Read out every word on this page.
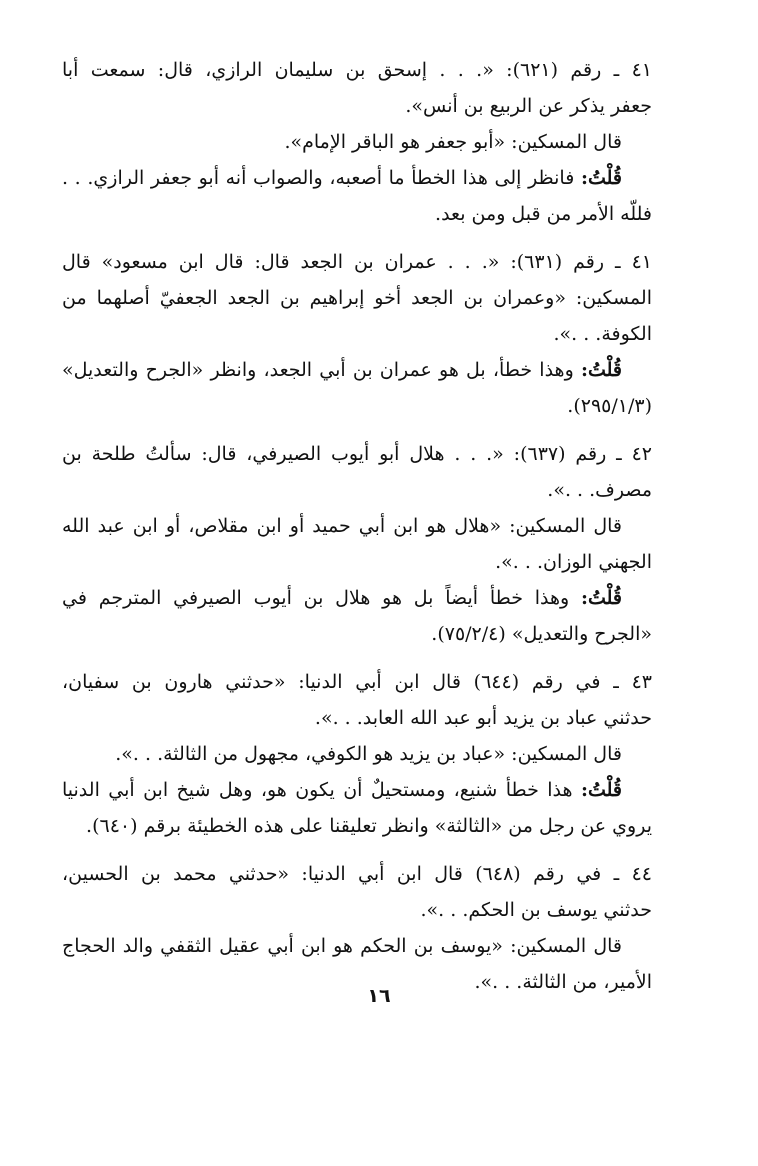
٤١ ـ رقم (٦٢١): «. . . إسحق بن سليمان الرازي، قال: سمعت أبا
جعفر يذكر عن الربيع بن أنس».
قال المسكين: «أبو جعفر هو الباقر الإمام».
قُلْتُ: فانظر إلى هذا الخطأ ما أصعبه، والصواب أنه أبو جعفر الرازي. . .
فللّه الأمر من قبل ومن بعد.
٤١ ـ رقم (٦٣١): «. . . عمران بن الجعد قال: قال ابن مسعود» قال
المسكين: «وعمران بن الجعد أخو إبراهيم بن الجعد الجعفيّ أصلهما من
الكوفة. . .».
قُلْتُ: وهذا خطأ، بل هو عمران بن أبي الجعد، وانظر «الجرح والتعديل»
(٢٩٥/١/٣).
٤٢ ـ رقم (٦٣٧): «. . . هلال أبو أيوب الصيرفي، قال: سألتُ طلحة بن
مصرف. . .».
قال المسكين: «هلال هو ابن أبي حميد أو ابن مقلاص، أو ابن عبد الله
الجهني الوزان. . .».
قُلْتُ: وهذا خطأ أيضاً بل هو هلال بن أيوب الصيرفي المترجم في
«الجرح والتعديل» (٧٥/٢/٤).
٤٣ ـ في رقم (٦٤٤) قال ابن أبي الدنيا: «حدثني هارون بن سفيان،
حدثني عباد بن يزيد أبو عبد الله العابد. . .».
قال المسكين: «عباد بن يزيد هو الكوفي، مجهول من الثالثة. . .».
قُلْتُ: هذا خطأ شنيع، ومستحيلٌ أن يكون هو، وهل شيخ ابن أبي الدنيا
يروي عن رجل من «الثالثة» وانظر تعليقنا على هذه الخطيئة برقم (٦٤٠).
٤٤ ـ في رقم (٦٤٨) قال ابن أبي الدنيا: «حدثني محمد بن الحسين،
حدثني يوسف بن الحكم. . .».
قال المسكين: «يوسف بن الحكم هو ابن أبي عقيل الثقفي والد الحجاج
الأمير، من الثالثة. . .».
١٦
